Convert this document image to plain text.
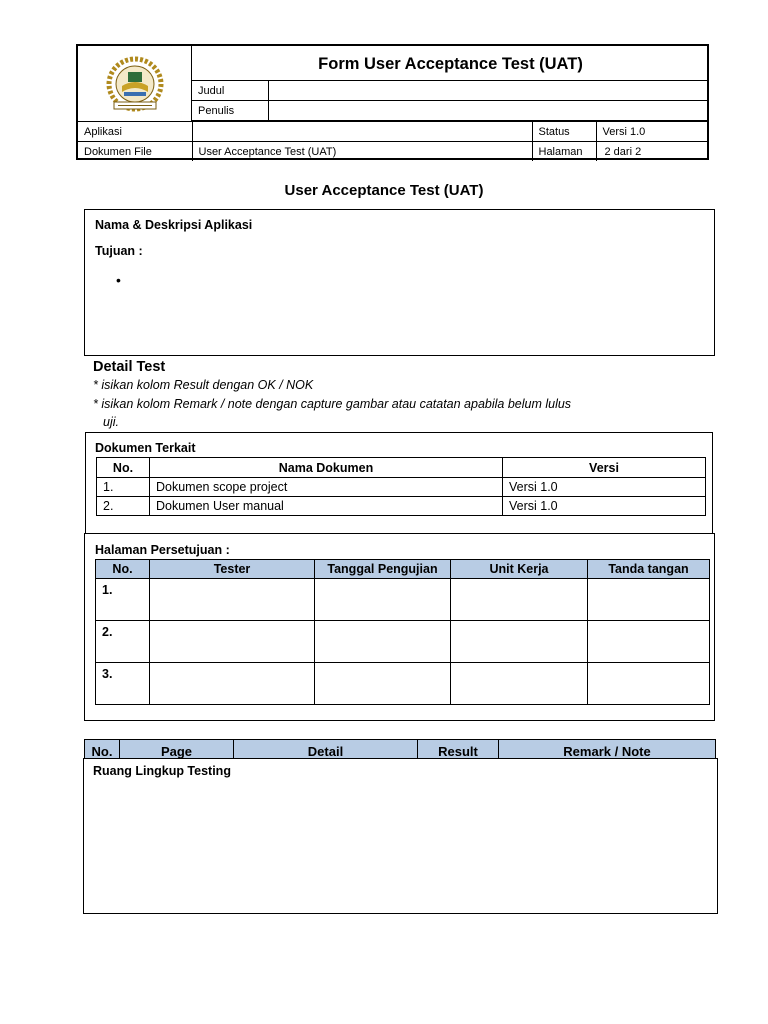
Form User Acceptance Test (UAT)
Judul	
Penulis	
Aplikasi		Status	Versi 1.0
Dokumen File	User Acceptance Test (UAT)	Halaman	2 dari 2
User Acceptance Test (UAT)
Nama & Deskripsi Aplikasi
Tujuan :
•
Detail Test
* isikan kolom Result dengan OK / NOK
* isikan kolom Remark / note dengan capture gambar atau catatan apabila belum lulus
uji.
Dokumen Terkait
No.	Nama Dokumen	Versi
1.	Dokumen scope project	Versi 1.0
2.	Dokumen User manual	Versi 1.0
Halaman Persetujuan :
No.	Tester	Tanggal Pengujian	Unit Kerja	Tanda tangan
1.				
2.				
3.				
No.	Page	Detail	Result	Remark / Note
Ruang Lingkup Testing
